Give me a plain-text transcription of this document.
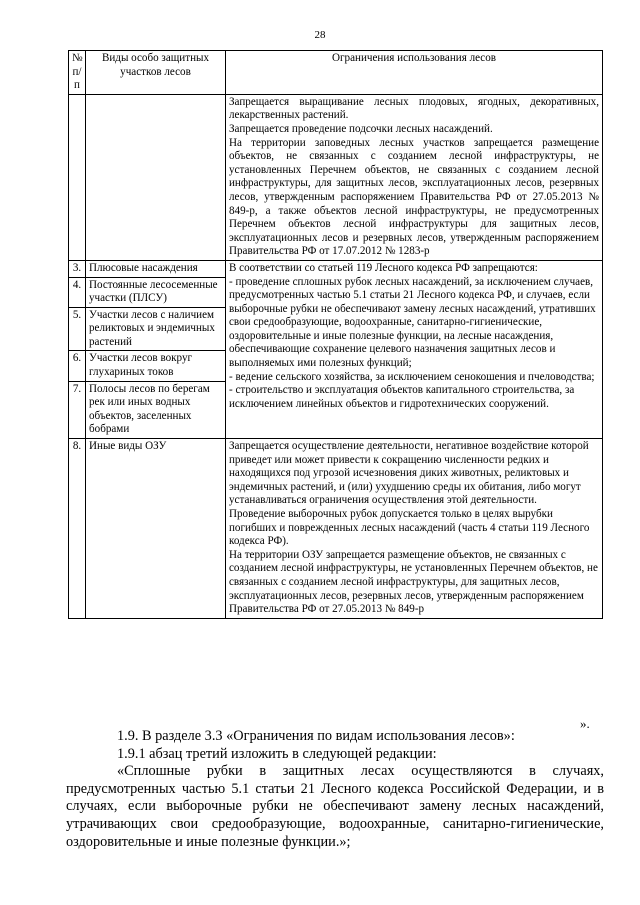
28
№ п/п	Виды особо защитных участков лесов	Ограничения использования лесов

		Запрещается выращивание лесных плодовых, ягодных, декоративных, лекарственных растений.
Запрещается проведение подсочки лесных насаждений.
На территории заповедных лесных участков запрещается размещение объектов, не связанных с созданием лесной инфраструктуры, не установленных Перечнем объектов, не связанных с созданием лесной инфраструктуры, для защитных лесов, эксплуатационных лесов, резервных лесов, утвержденным распоряжением Правительства РФ от 27.05.2013 № 849-р, а также объектов лесной инфраструктуры, не предусмотренных Перечнем объектов лесной инфраструктуры для защитных лесов, эксплуатационных лесов и резервных лесов, утвержденным распоряжением Правительства РФ от 17.07.2012 № 1283-р

3.	Плюсовые насаждения	В соответствии со статьей 119 Лесного кодекса РФ запрещаются:
- проведение сплошных рубок лесных насаждений, за исключением случаев, предусмотренных частью 5.1 статьи 21 Лесного кодекса РФ, и случаев, если выборочные рубки не обеспечивают замену лесных насаждений, утративших свои средообразующие, водоохранные, санитарно-гигиенические, оздоровительные и иные полезные функции, на лесные насаждения, обеспечивающие сохранение целевого назначения защитных лесов и выполняемых ими полезных функций;
- ведение сельского хозяйства, за исключением сенокошения и пчеловодства;
- строительство и эксплуатация объектов капитального строительства, за исключением линейных объектов и гидротехнических сооружений.

4.	Постоянные лесосеменные участки (ПЛСУ)	
5.	Участки лесов с наличием реликтовых и эндемичных растений	
6.	Участки лесов вокруг глухариных токов	
7.	Полосы лесов по берегам рек или иных водных объектов, заселенных бобрами	
8.	Иные виды ОЗУ	Запрещается осуществление деятельности, негативное воздействие которой приведет или может привести к сокращению численности редких и находящихся под угрозой исчезновения диких животных, реликтовых и эндемичных растений, и (или) ухудшению среды их обитания, либо могут устанавливаться ограничения осуществления этой деятельности.
Проведение выборочных рубок допускается только в целях вырубки погибших и поврежденных лесных насаждений (часть 4 статьи 119 Лесного кодекса РФ).
На территории ОЗУ запрещается размещение объектов, не связанных с созданием лесной инфраструктуры, не установленных Перечнем объектов, не связанных с созданием лесной инфраструктуры, для защитных лесов, эксплуатационных лесов, резервных лесов, утвержденным распоряжением Правительства РФ от 27.05.2013 № 849-р
».
1.9. В разделе 3.3 «Ограничения по видам использования лесов»:
1.9.1 абзац третий изложить в следующей редакции:
«Сплошные рубки в защитных лесах осуществляются в случаях, предусмотренных частью 5.1 статьи 21 Лесного кодекса Российской Федерации, и в случаях, если выборочные рубки не обеспечивают замену лесных насаждений, утрачивающих свои средообразующие, водоохранные, санитарно-гигиенические, оздоровительные и иные полезные функции.»;
